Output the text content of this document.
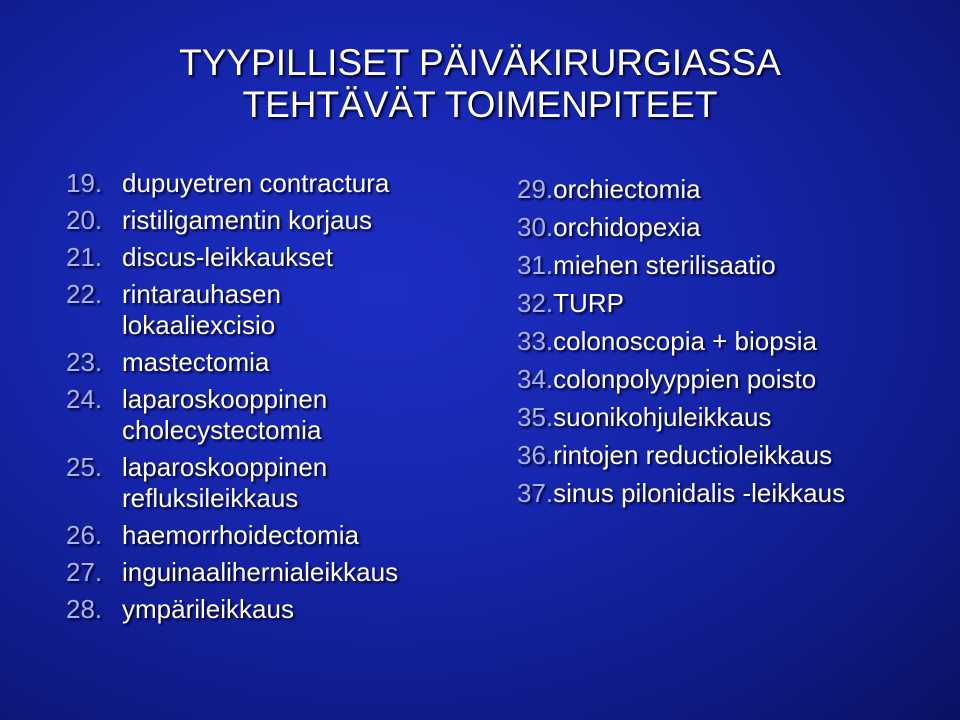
TYYPILLISET PÄIVÄKIRURGIASSA
TEHTÄVÄT TOIMENPITEET
19. dupuyetren contractura
20. ristiligamentin korjaus
21. discus-leikkaukset
22. rintarauhasen lokaaliexcisio
23. mastectomia
24. laparoskooppinen cholecystectomia
25. laparoskooppinen refluksileikkaus
26. haemorrhoidectomia
27. inguinaalihernialeikkaus
28. ympärileikkaus
29. orchiectomia
30. orchidopexia
31. miehen sterilisaatio
32. TURP
33. colonoscopia + biopsia
34. colonpolyyppien poisto
35. suonikohjuleikkaus
36. rintojen reductioleikkaus
37. sinus pilonidalis -leikkaus
